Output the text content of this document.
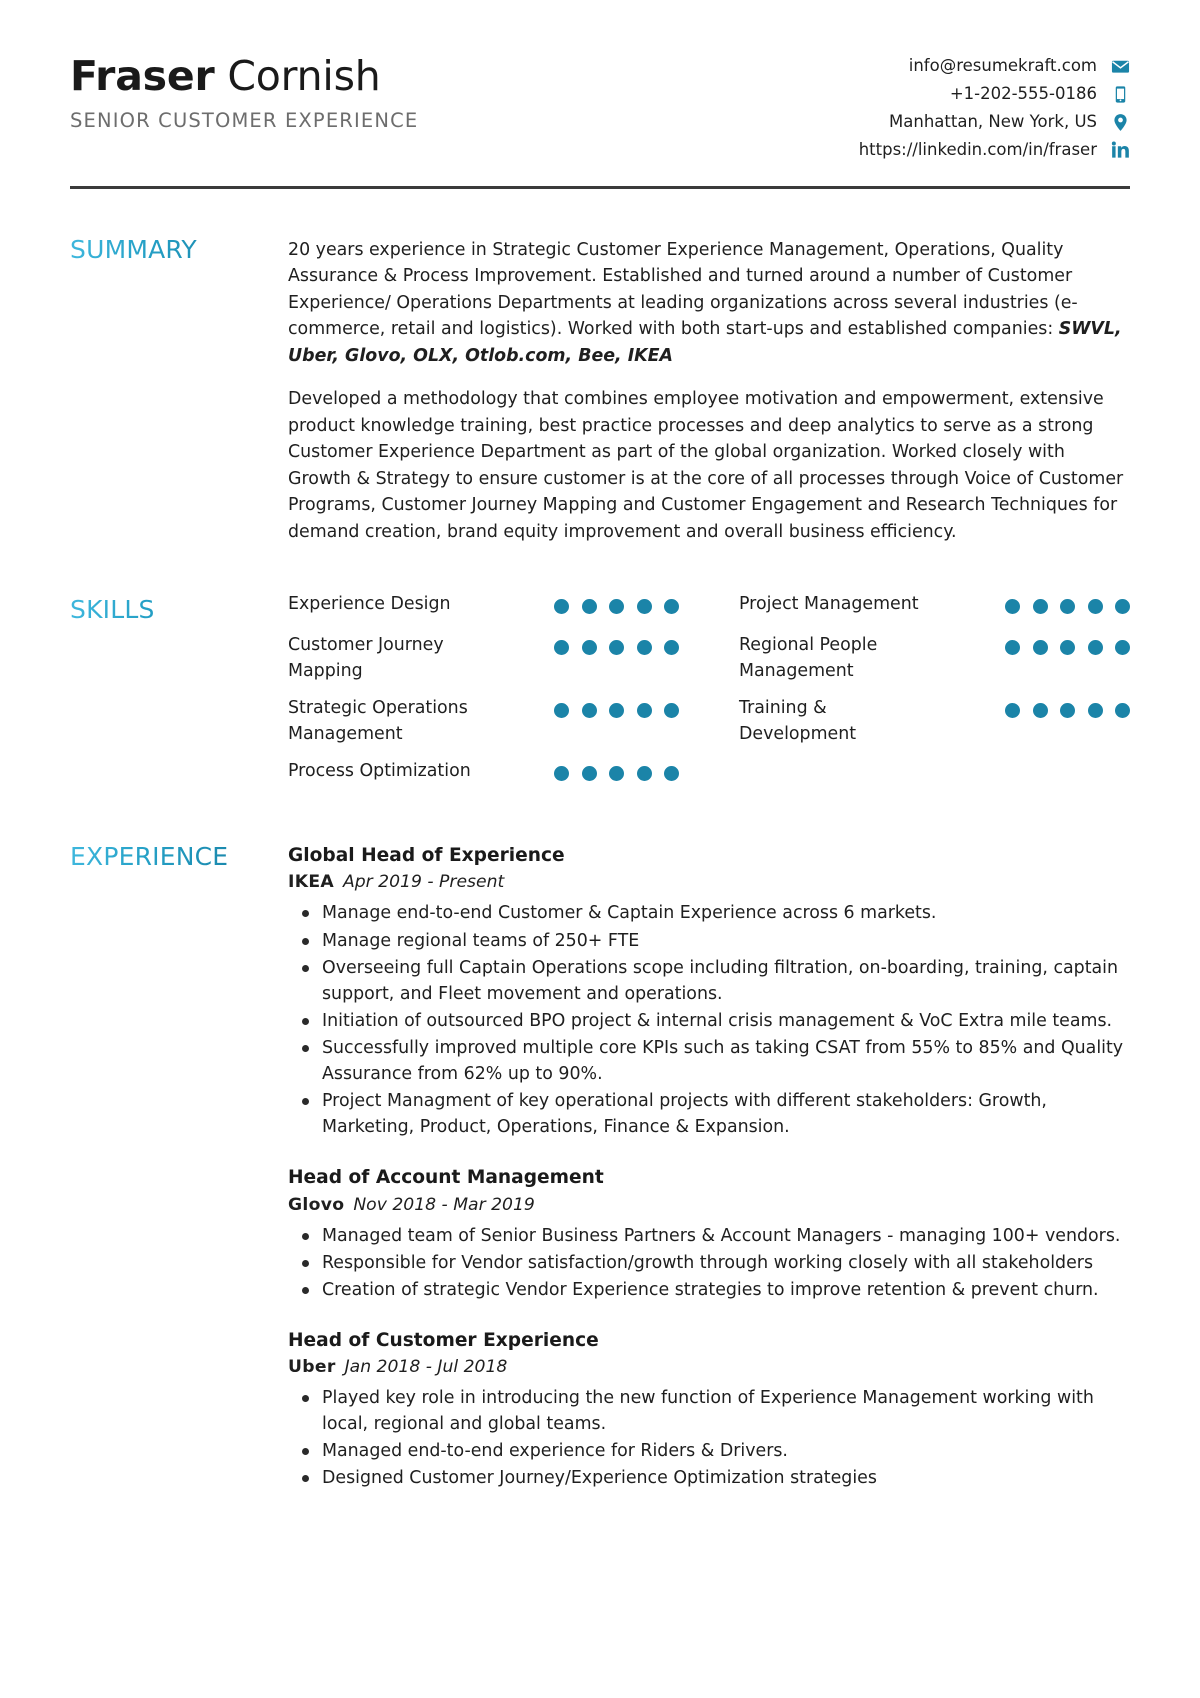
Fraser Cornish
SENIOR CUSTOMER EXPERIENCE
info@resumekraft.com
+1-202-555-0186
Manhattan, New York, US
https://linkedin.com/in/fraser
SUMMARY	20 years experience in Strategic Customer Experience Management, Operations, Quality Assurance & Process Improvement. Established and turned around a number of Customer Experience/ Operations Departments at leading organizations across several industries (e-commerce, retail and logistics). Worked with both start-ups and established companies: SWVL, Uber, Glovo, OLX, Otlob.com, Bee, IKEA

Developed a methodology that combines employee motivation and empowerment, extensive product knowledge training, best practice processes and deep analytics to serve as a strong Customer Experience Department as part of the global organization. Worked closely with Growth & Strategy to ensure customer is at the core of all processes through Voice of Customer Programs, Customer Journey Mapping and Customer Engagement and Research Techniques for demand creation, brand equity improvement and overall business efficiency.

SKILLS	Experience Design
Customer Journey Mapping
Strategic Operations Management
Process Optimization
Project Management
Regional People Management
Training & Development
EXPERIENCE	Global Head of Experience
IKEA Apr 2019 - Present
Manage end-to-end Customer & Captain Experience across 6 markets.
Manage regional teams of 250+ FTE
Overseeing full Captain Operations scope including filtration, on-boarding, training, captain support, and Fleet movement and operations.
Initiation of outsourced BPO project & internal crisis management & VoC Extra mile teams.
Successfully improved multiple core KPIs such as taking CSAT from 55% to 85% and Quality Assurance from 62% up to 90%.
Project Managment of key operational projects with different stakeholders: Growth, Marketing, Product, Operations, Finance & Expansion.
Head of Account Management
Glovo Nov 2018 - Mar 2019
Managed team of Senior Business Partners & Account Managers - managing 100+ vendors.
Responsible for Vendor satisfaction/growth through working closely with all stakeholders
Creation of strategic Vendor Experience strategies to improve retention & prevent churn.
Head of Customer Experience
Uber Jan 2018 - Jul 2018
Played key role in introducing the new function of Experience Management working with local, regional and global teams.
Managed end-to-end experience for Riders & Drivers.
Designed Customer Journey/Experience Optimization strategies
